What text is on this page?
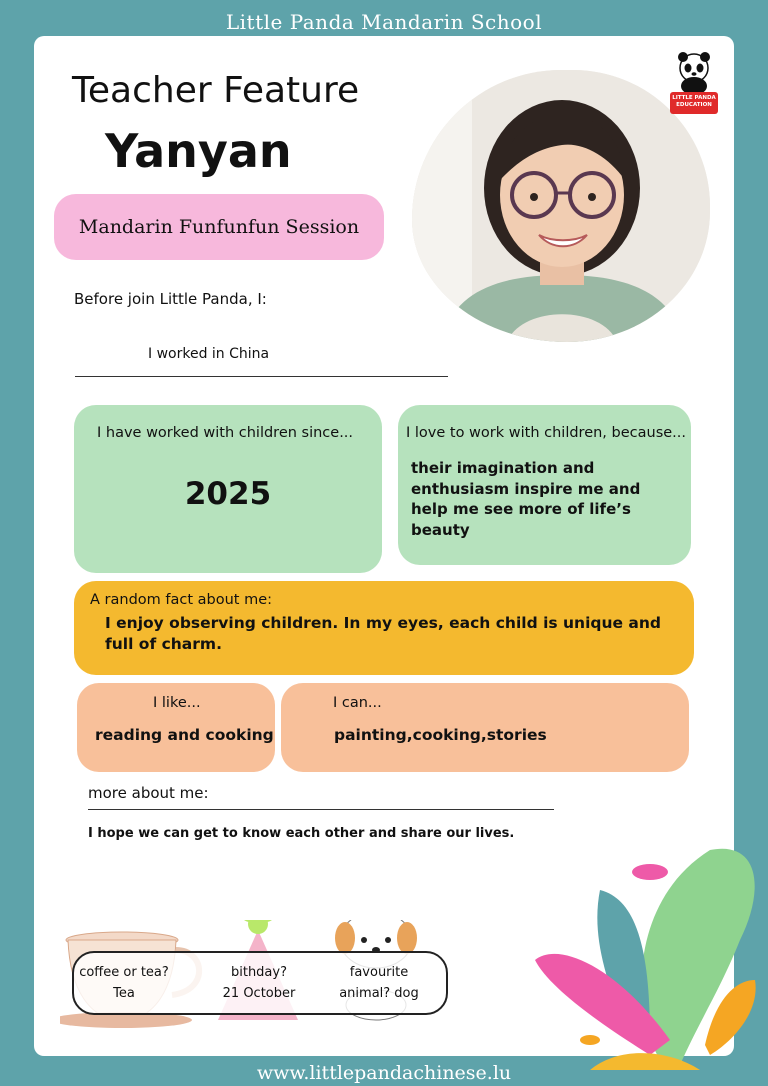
Little Panda Mandarin School
Teacher Feature
Yanyan
Mandarin Funfunfun Session
LITTLE PANDA
EDUCATION
Before join Little Panda, I:
I worked in China
I have worked with children since...
2025
I love to work with children, because...
their imagination and enthusiasm inspire me and help me see more of life’s beauty
A random fact about me:
I enjoy observing children. In my eyes, each child is unique and full of charm.
I like...
reading and cooking
I can...
painting,cooking,stories
more about me:
I hope we can get to know each other and share our lives.
coffee or tea?
Tea
bithday?
21 October
favourite
animal? dog
www.littlepandachinese.lu
